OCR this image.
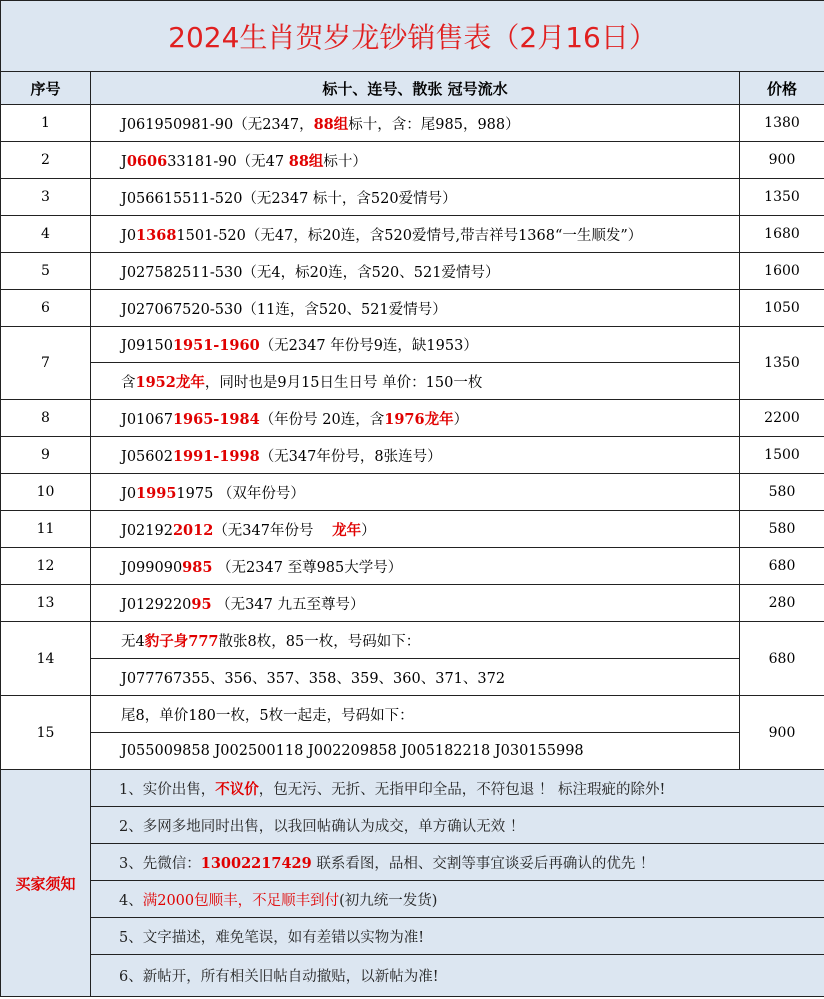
2024生肖贺岁龙钞销售表（2月16日）		
序号	标十、连号、散张 冠号流水	价格
1	J061950981-90（无2347，88组标十，含：尾985，988）	1380
2	J060633181-90（无47 88组标十）	900
3	J056615511-520（无2347 标十，含520爱情号）	1350
4	J013681501-520（无47，标20连，含520爱情号,带吉祥号1368“一生顺发”）	1680
5	J027582511-530（无4，标20连，含520、521爱情号）	1600
6	J027067520-530（11连，含520、521爱情号）	1050
7	J091501951-1960（无2347 年份号9连，缺1953）	1350
	含1952龙年，同时也是9月15日生日号 单价：150一枚	
8	J010671965-1984（年份号 20连，含1976龙年）	2200
9	J056021991-1998（无347年份号，8张连号）	1500
10	J019951975 （双年份号）	580
11	J021922012（无347年份号 龙年）	580
12	J099090985 （无2347 至尊985大学号）	680
13	J012922095 （无347 九五至尊号）	280
14	无4豹子身777散张8枚，85一枚，号码如下：	680
	J077767355、356、357、358、359、360、371、372	
15	尾8，单价180一枚，5枚一起走，号码如下：	900
	J055009858 J002500118 J002209858 J005182218 J030155998	
买家须知	1、实价出售，不议价，包无污、无折、无指甲印全品，不符包退 ！ 标注瑕疵的除外!	
	2、多网多地同时出售，以我回帖确认为成交，单方确认无效 ！	
	3、先微信：13002217429 联系看图，品相、交割等事宜谈妥后再确认的优先 ！	
	4、满2000包顺丰，不足顺丰到付(初九统一发货)	
	5、文字描述，难免笔误，如有差错以实物为准!	
	6、新帖开，所有相关旧帖自动撤贴，以新帖为准!	
